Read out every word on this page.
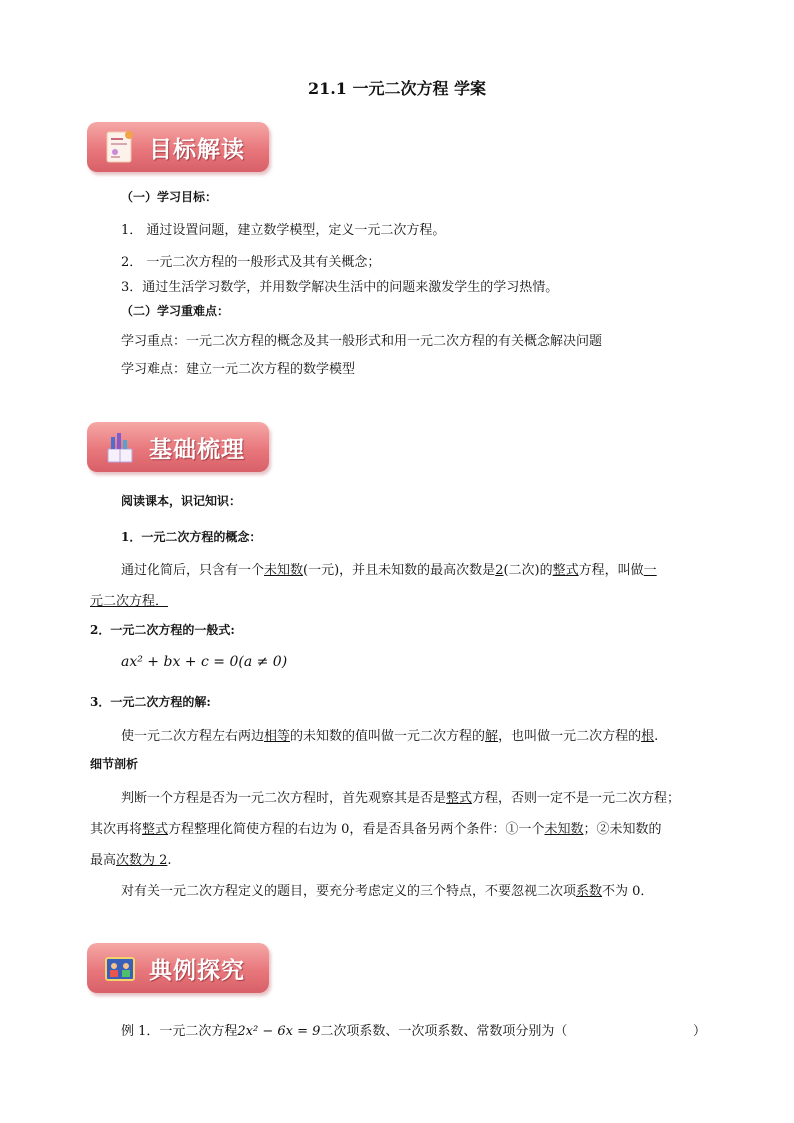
21.1 一元二次方程 学案
目标解读
（一）学习目标：
1． 通过设置问题，建立数学模型，定义一元二次方程。
2． 一元二次方程的一般形式及其有关概念；
3．通过生活学习数学，并用数学解决生活中的问题来激发学生的学习热情。
（二）学习重难点：
学习重点：一元二次方程的概念及其一般形式和用一元二次方程的有关概念解决问题
学习难点：建立一元二次方程的数学模型
基础梳理
阅读课本，识记知识：
1．一元二次方程的概念：
通过化简后，只含有一个未知数(一元)，并且未知数的最高次数是2(二次)的整式方程，叫做一
元二次方程．
2．一元二次方程的一般式:
ax² + bx + c = 0(a ≠ 0)
3．一元二次方程的解:
使一元二次方程左右两边相等的未知数的值叫做一元二次方程的解，也叫做一元二次方程的根.
细节剖析
判断一个方程是否为一元二次方程时，首先观察其是否是整式方程，否则一定不是一元二次方程；
其次再将整式方程整理化简使方程的右边为 0，看是否具备另两个条件：①一个未知数；②未知数的
最高次数为 2.
对有关一元二次方程定义的题目，要充分考虑定义的三个特点，不要忽视二次项系数不为 0．
典例探究
例 1．一元二次方程2x² − 6x = 9二次项系数、一次项系数、常数项分别为（	）
